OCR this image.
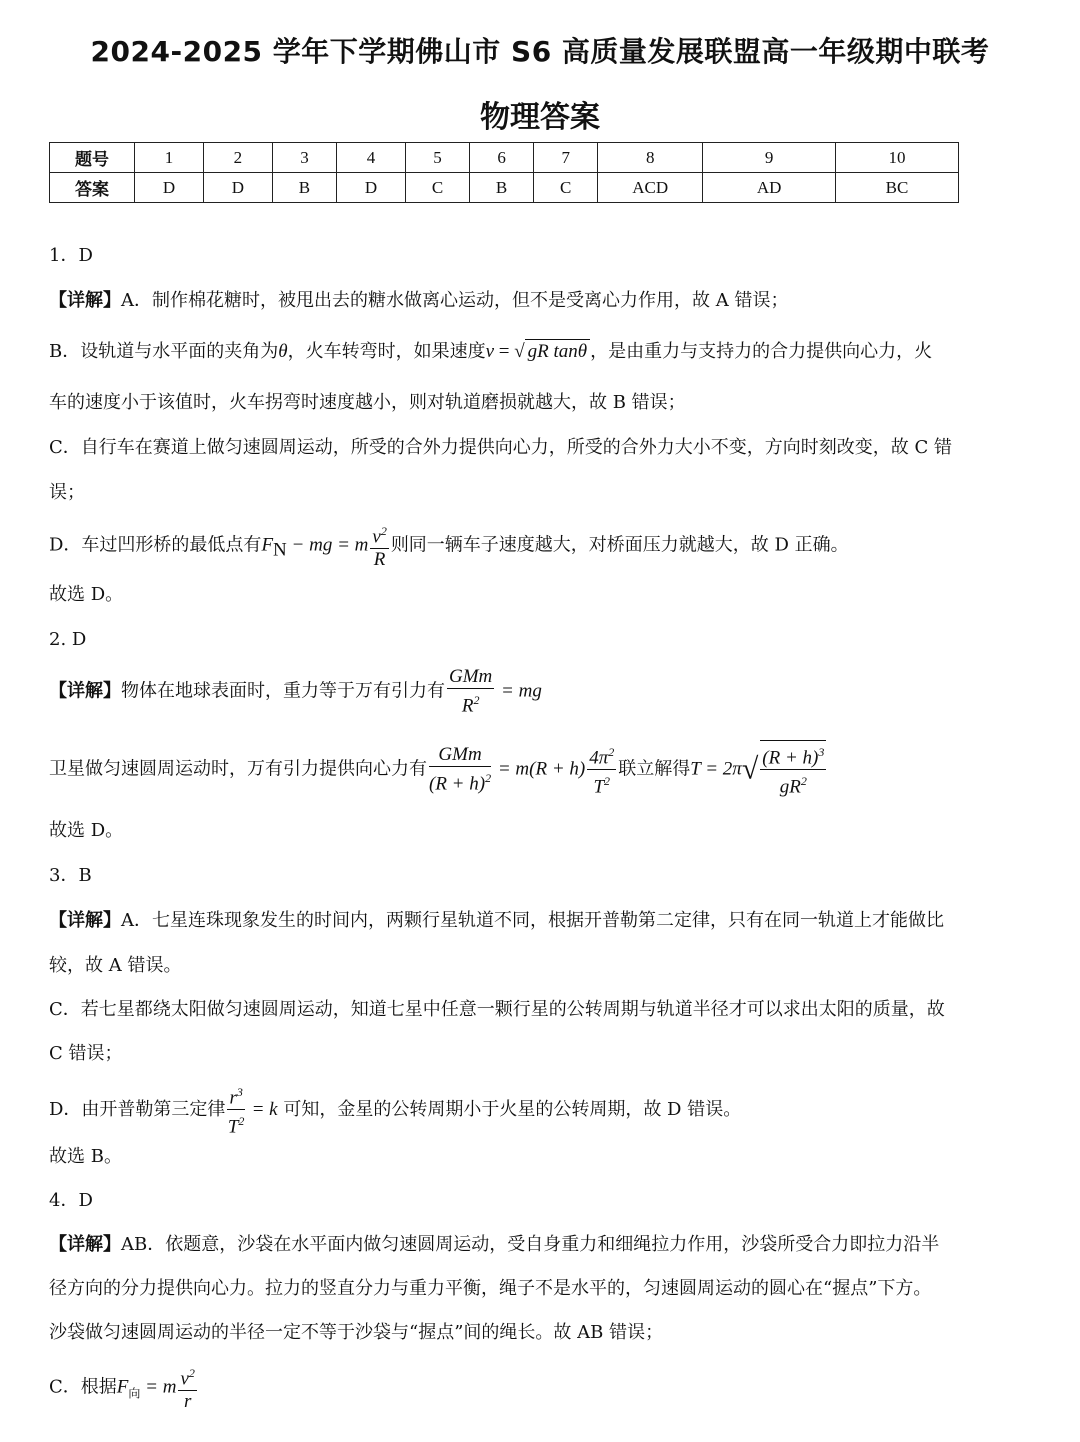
2024-2025 学年下学期佛山市 S6 高质量发展联盟高一年级期中联考
物理答案
题号	1	2	3	4	5	6	7	8	9	10
答案	D	D	B	D	C	B	C	ACD	AD	BC
1．D
【详解】A．制作棉花糖时，被甩出去的糖水做离心运动，但不是受离心力作用，故 A 错误；
B．设轨道与水平面的夹角为θ，火车转弯时，如果速度v = √ gR tanθ ，是由重力与支持力的合力提供向心力，火
车的速度小于该值时，火车拐弯时速度越小，则对轨道磨损就越大，故 B 错误；
C．自行车在赛道上做匀速圆周运动，所受的合外力提供向心力，所受的合外力大小不变，方向时刻改变，故 C 错
误；
D．车过凹形桥的最低点有$F_N$ − mg = m $\frac{v^2}{R}$ 则同一辆车子速度越大，对桥面压力就越大，故 D 正确。
故选 D。
2. D
【详解】物体在地球表面时，重力等于万有引力有
GMm
$R^2$ = mg
卫星做匀速圆周运动时，万有引力提供向心力有
GMm
$(R + h)^2 = m(R + h) \frac{4\pi^2}{T^2}$ 联立解得$T = 2\pi√ \frac{(R + h)^3}{gR^2}$
故选 D。
3．B
【详解】A．七星连珠现象发生的时间内，两颗行星轨道不同，根据开普勒第二定律，只有在同一轨道上才能做比
较，故 A 错误。
C．若七星都绕太阳做匀速圆周运动，知道七星中任意一颗行星的公转周期与轨道半径才可以求出太阳的质量，故
C 错误；
D．由开普勒第三定律 $\frac{r^3}{T^2} = k$ 可知，金星的公转周期小于火星的公转周期，故 D 错误。
故选 B。
4．D
【详解】AB．依题意，沙袋在水平面内做匀速圆周运动，受自身重力和细绳拉力作用，沙袋所受合力即拉力沿半
径方向的分力提供向心力。拉力的竖直分力与重力平衡，绳子不是水平的，匀速圆周运动的圆心在“握点”下方。
沙袋做匀速圆周运动的半径一定不等于沙袋与“握点”间的绳长。故 AB 错误；
C．根据$F_向 = m \frac{v^2}{r}$
